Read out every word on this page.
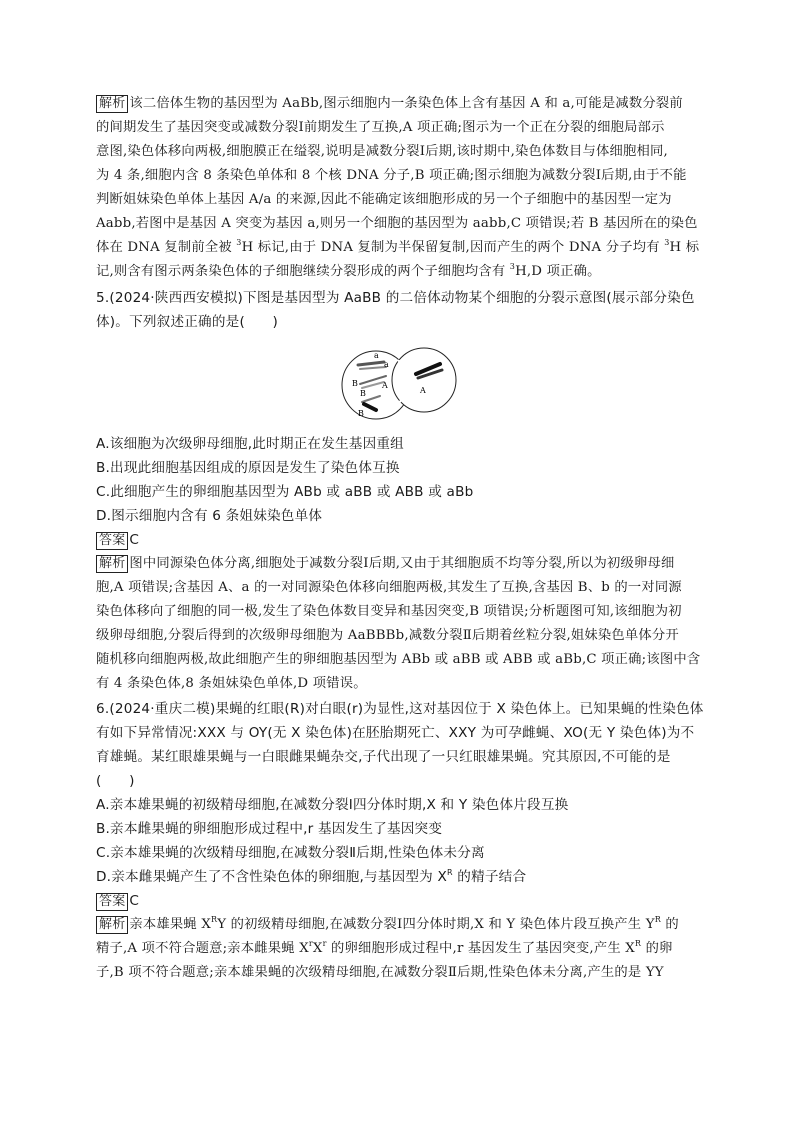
解析 该二倍体生物的基因型为 AaBb,图示细胞内一条染色体上含有基因 A 和 a,可能是减数分裂前
的间期发生了基因突变或减数分裂Ⅰ前期发生了互换,A 项正确;图示为一个正在分裂的细胞局部示
意图,染色体移向两极,细胞膜正在缢裂,说明是减数分裂Ⅰ后期,该时期中,染色体数目与体细胞相同,
为 4 条,细胞内含 8 条染色单体和 8 个核 DNA 分子,B 项正确;图示细胞为减数分裂Ⅰ后期,由于不能
判断姐妹染色单体上基因 A/a 的来源,因此不能确定该细胞形成的另一个子细胞中的基因型一定为
Aabb,若图中是基因 A 突变为基因 a,则另一个细胞的基因型为 aabb,C 项错误;若 B 基因所在的染色
体在 DNA 复制前全被 $^3$H 标记,由于 DNA 复制为半保留复制,因而产生的两个 DNA 分子均有 $^3$H 标
记,则含有图示两条染色体的子细胞继续分裂形成的两个子细胞均含有 $^3$H,D 项正确。
5.(2024·陕西西安模拟)下图是基因型为 AaBB 的二倍体动物某个细胞的分裂示意图(展示部分染色
体)。下列叙述正确的是(　　)
a
a
B	A
B
B
A
A.该细胞为次级卵母细胞,此时期正在发生基因重组
B.出现此细胞基因组成的原因是发生了染色体互换
C.此细胞产生的卵细胞基因型为 ABb 或 aBB 或 ABB 或 aBb
D.图示细胞内含有 6 条姐妹染色单体
答案 C
解析 图中同源染色体分离,细胞处于减数分裂Ⅰ后期,又由于其细胞质不均等分裂,所以为初级卵母细
胞,A 项错误;含基因 A、a 的一对同源染色体移向细胞两极,其发生了互换,含基因 B、b 的一对同源
染色体移向了细胞的同一极,发生了染色体数目变异和基因突变,B 项错误;分析题图可知,该细胞为初
级卵母细胞,分裂后得到的次级卵母细胞为 AaBBBb,减数分裂Ⅱ后期着丝粒分裂,姐妹染色单体分开
随机移向细胞两极,故此细胞产生的卵细胞基因型为 ABb 或 aBB 或 ABB 或 aBb,C 项正确;该图中含
有 4 条染色体,8 条姐妹染色单体,D 项错误。
6.(2024·重庆二模)果蝇的红眼(R)对白眼(r)为显性,这对基因位于 X 染色体上。已知果蝇的性染色体
有如下异常情况:XXX 与 OY(无 X 染色体)在胚胎期死亡、XXY 为可孕雌蝇、XO(无 Y 染色体)为不
育雄蝇。某红眼雄果蝇与一白眼雌果蝇杂交,子代出现了一只红眼雄果蝇。究其原因,不可能的是
(　　)
A.亲本雄果蝇的初级精母细胞,在减数分裂Ⅰ四分体时期,X 和 Y 染色体片段互换
B.亲本雌果蝇的卵细胞形成过程中,r 基因发生了基因突变
C.亲本雄果蝇的次级精母细胞,在减数分裂Ⅱ后期,性染色体未分离
D.亲本雌果蝇产生了不含性染色体的卵细胞,与基因型为 $X^R$ 的精子结合
答案 C
解析 亲本雄果蝇 $X^RY$ 的初级精母细胞,在减数分裂Ⅰ四分体时期,X 和 Y 染色体片段互换产生 $Y^R$ 的
精子,A 项不符合题意;亲本雌果蝇 $X^rX^r$ 的卵细胞形成过程中,r 基因发生了基因突变,产生 $X^R$ 的卵
子,B 项不符合题意;亲本雄果蝇的次级精母细胞,在减数分裂Ⅱ后期,性染色体未分离,产生的是 YY
